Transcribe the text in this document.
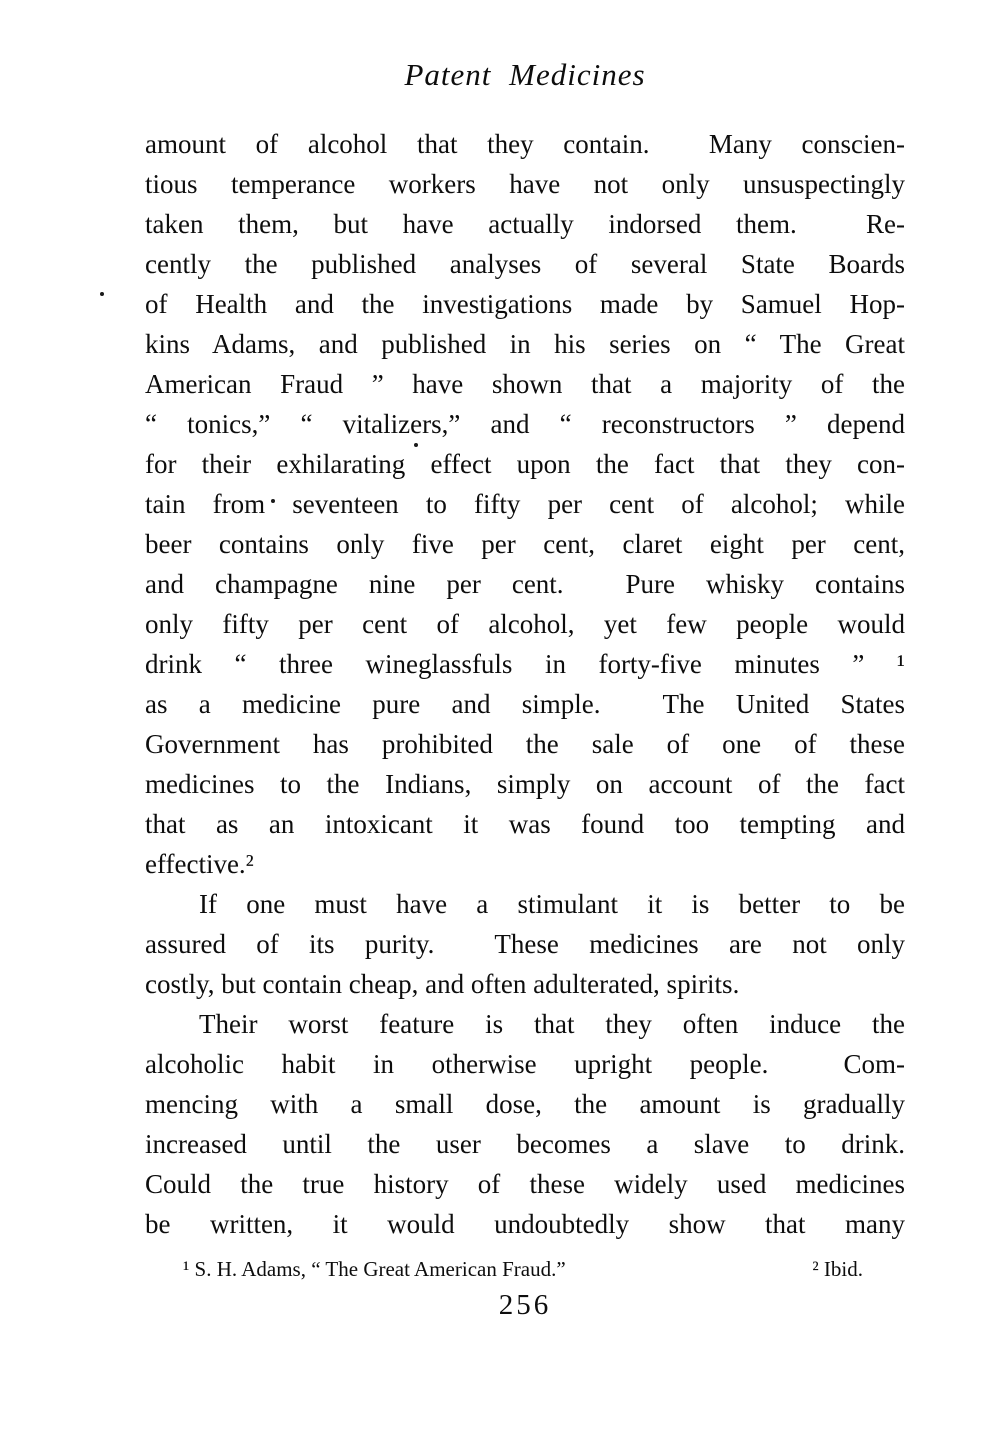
Patent Medicines
amount of alcohol that they contain.  Many conscien-
tious temperance workers have not only unsuspectingly
taken them, but have actually indorsed them.  Re-
cently the published analyses of several State Boards
of Health and the investigations made by Samuel Hop-
kins Adams, and published in his series on “ The Great
American Fraud ” have shown that a majority of the
“ tonics,” “ vitalizers,” and “ reconstructors ” depend
for their exhilarating effect upon the fact that they con-
tain from seventeen to fifty per cent of alcohol; while
beer contains only five per cent, claret eight per cent,
and champagne nine per cent.  Pure whisky contains
only fifty per cent of alcohol, yet few people would
drink “ three wineglassfuls in forty-five minutes ” ¹
as a medicine pure and simple.  The United States
Government has prohibited the sale of one of these
medicines to the Indians, simply on account of the fact
that as an intoxicant it was found too tempting and
effective.²
If one must have a stimulant it is better to be
assured of its purity.  These medicines are not only
costly, but contain cheap, and often adulterated, spirits.
Their worst feature is that they often induce the
alcoholic habit in otherwise upright people.  Com-
mencing with a small dose, the amount is gradually
increased until the user becomes a slave to drink.
Could the true history of these widely used medicines
be written, it would undoubtedly show that many
¹ S. H. Adams, “ The Great American Fraud.”	² Ibid.
256
